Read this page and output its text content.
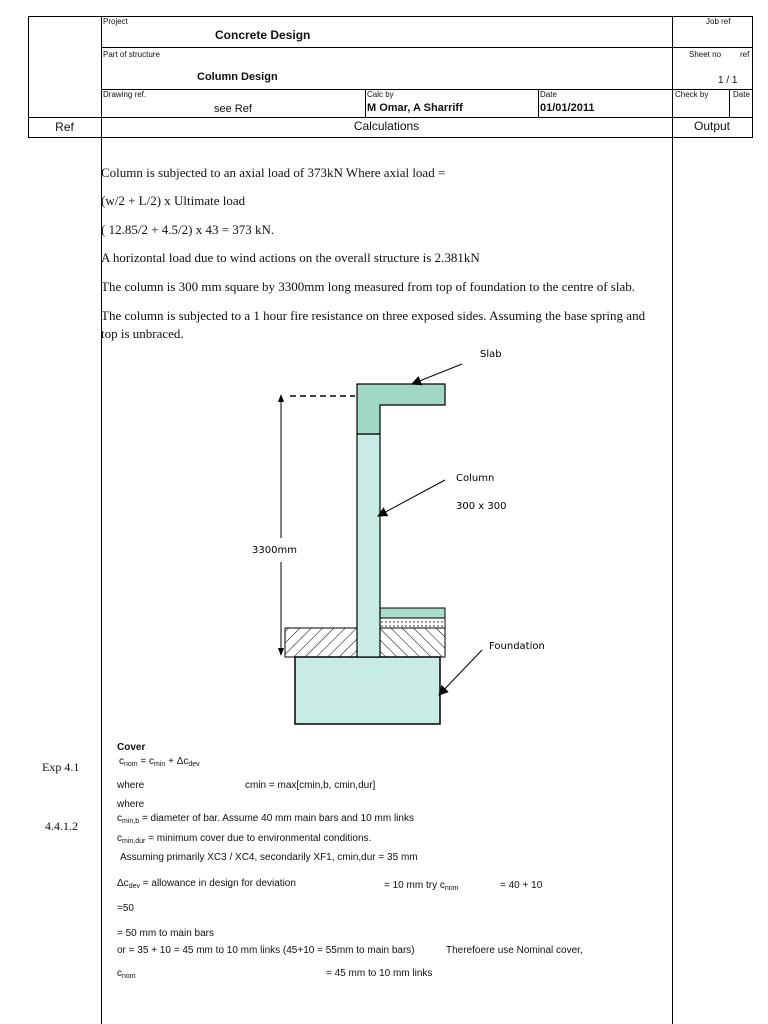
Project
Concrete Design
Job ref
Part of structure
Column Design
Sheet no ref
1 / 1
Drawing ref.
see Ref
Calc by
M Omar, A Sharriff
Date
01/01/2011
Check by	Date
Ref	Calculations	Output
Column is subjected to an axial load of 373kN Where axial load =
(w/2 + L/2) x Ultimate load
( 12.85/2 + 4.5/2) x 43 = 373 kN.
A horizontal load due to wind actions on the overall structure is 2.381kN
The column is 300 mm square by 3300mm long measured from top of foundation to the centre of slab.
The column is subjected to a 1 hour fire resistance on three exposed sides. Assuming the base spring and
top is unbraced.
3300mm
Slab
Column
300 x 300
Foundation
Exp 4.1
4.4.1.2
Cover
$c_{nom} = c_{min} + \Delta c_{dev}$
where	cmin = max[cmin,b, cmin,dur]
where
$c_{min,b}$ = diameter of bar. Assume 40 mm main bars and 10 mm links
$c_{min,dur}$ = minimum cover due to environmental conditions.
Assuming primarily XC3 / XC4, secondarily XF1, cmin,dur = 35 mm
$\Delta c_{dev}$ = allowance in design for deviation	= 10 mm try $c_{nom}$	= 40 + 10
=50
= 50 mm to main bars
or = 35 + 10 = 45 mm to 10 mm links (45+10 = 55mm to main bars)	Therefoere use Nominal cover,
$c_{nom}$	= 45 mm to 10 mm links
